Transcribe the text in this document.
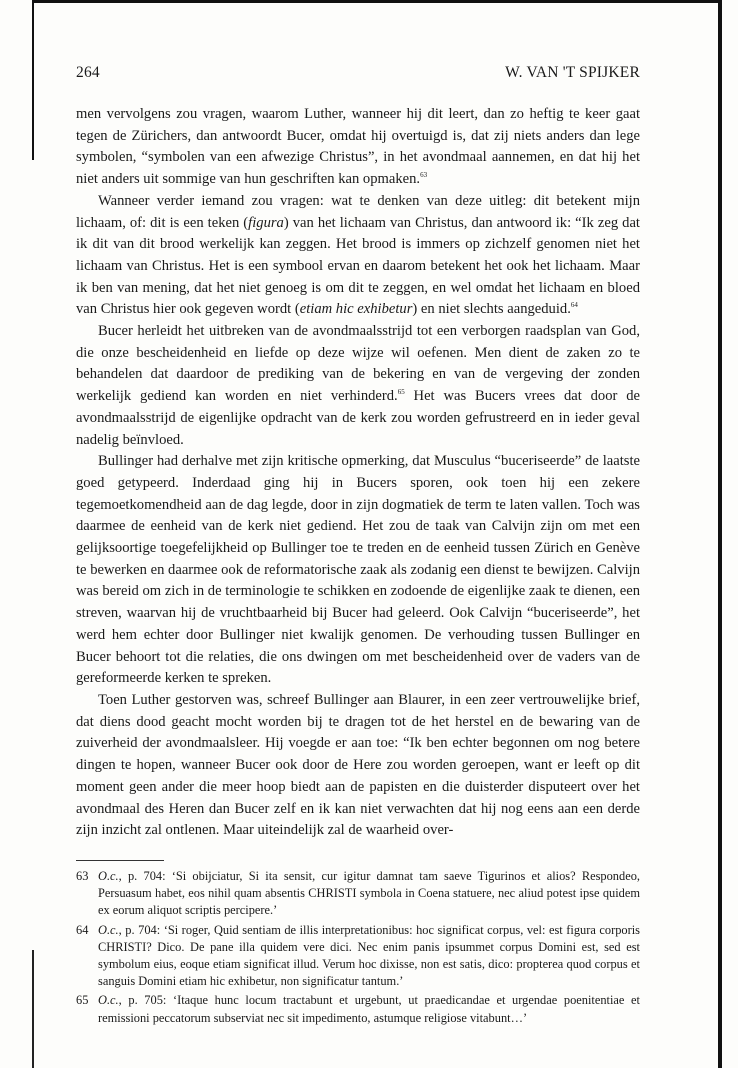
264	W. VAN 'T SPIJKER

men vervolgens zou vragen, waarom Luther, wanneer hij dit leert, dan zo heftig te keer gaat tegen de Zürichers, dan antwoordt Bucer, omdat hij overtuigd is, dat zij niets anders dan lege symbolen, “symbolen van een afwezige Christus”, in het avondmaal aannemen, en dat hij het niet anders uit sommige van hun geschriften kan opmaken.$^{63}$

Wanneer verder iemand zou vragen: wat te denken van deze uitleg: dit betekent mijn lichaam, of: dit is een teken (figura) van het lichaam van Christus, dan antwoord ik: “Ik zeg dat ik dit van dit brood werkelijk kan zeggen. Het brood is immers op zichzelf genomen niet het lichaam van Christus. Het is een symbool ervan en daarom betekent het ook het lichaam. Maar ik ben van mening, dat het niet genoeg is om dit te zeggen, en wel omdat het lichaam en bloed van Christus hier ook gegeven wordt (etiam hic exhibetur) en niet slechts aangeduid.$^{64}$

Bucer herleidt het uitbreken van de avondmaalsstrijd tot een verborgen raadsplan van God, die onze bescheidenheid en liefde op deze wijze wil oefenen. Men dient de zaken zo te behandelen dat daardoor de prediking van de bekering en van de vergeving der zonden werkelijk gediend kan worden en niet verhinderd.$^{65}$ Het was Bucers vrees dat door de avondmaalsstrijd de eigenlijke opdracht van de kerk zou worden gefrustreerd en in ieder geval nadelig beïnvloed.

Bullinger had derhalve met zijn kritische opmerking, dat Musculus “buceriseerde” de laatste goed getypeerd. Inderdaad ging hij in Bucers sporen, ook toen hij een zekere tegemoetkomendheid aan de dag legde, door in zijn dogmatiek de term te laten vallen. Toch was daarmee de eenheid van de kerk niet gediend. Het zou de taak van Calvijn zijn om met een gelijksoortige toegefelijkheid op Bullinger toe te treden en de eenheid tussen Zürich en Genève te bewerken en daarmee ook de reformatorische zaak als zodanig een dienst te bewijzen. Calvijn was bereid om zich in de terminologie te schikken en zodoende de eigenlijke zaak te dienen, een streven, waarvan hij de vruchtbaarheid bij Bucer had geleerd. Ook Calvijn “buceriseerde”, het werd hem echter door Bullinger niet kwalijk genomen. De verhouding tussen Bullinger en Bucer behoort tot die relaties, die ons dwingen om met bescheidenheid over de vaders van de gereformeerde kerken te spreken.

Toen Luther gestorven was, schreef Bullinger aan Blaurer, in een zeer vertrouwelijke brief, dat diens dood geacht mocht worden bij te dragen tot de het herstel en de bewaring van de zuiverheid der avondmaalsleer. Hij voegde er aan toe: “Ik ben echter begonnen om nog betere dingen te hopen, wanneer Bucer ook door de Here zou worden geroepen, want er leeft op dit moment geen ander die meer hoop biedt aan de papisten en die duisterder disputeert over het avondmaal des Heren dan Bucer zelf en ik kan niet verwachten dat hij nog eens aan een derde zijn inzicht zal ontlenen. Maar uiteindelijk zal de waarheid over-

63 O.c., p. 704: ‘Si obijciatur, Si ita sensit, cur igitur damnat tam saeve Tigurinos et alios? Respondeo, Persuasum habet, eos nihil quam absentis CHRISTI symbola in Coena statuere, nec aliud potest ipse quidem ex eorum aliquot scriptis percipere.’
64 O.c., p. 704: ‘Si roger, Quid sentiam de illis interpretationibus: hoc significat corpus, vel: est figura corporis CHRISTI? Dico. De pane illa quidem vere dici. Nec enim panis ipsummet corpus Domini est, sed est symbolum eius, eoque etiam significat illud. Verum hoc dixisse, non est satis, dico: propterea quod corpus et sanguis Domini etiam hic exhibetur, non significatur tantum.’
65 O.c., p. 705: ‘Itaque hunc locum tractabunt et urgebunt, ut praedicandae et urgendae poenitentiae et remissioni peccatorum subserviat nec sit impedimento, astumque religiose vitabunt…’
